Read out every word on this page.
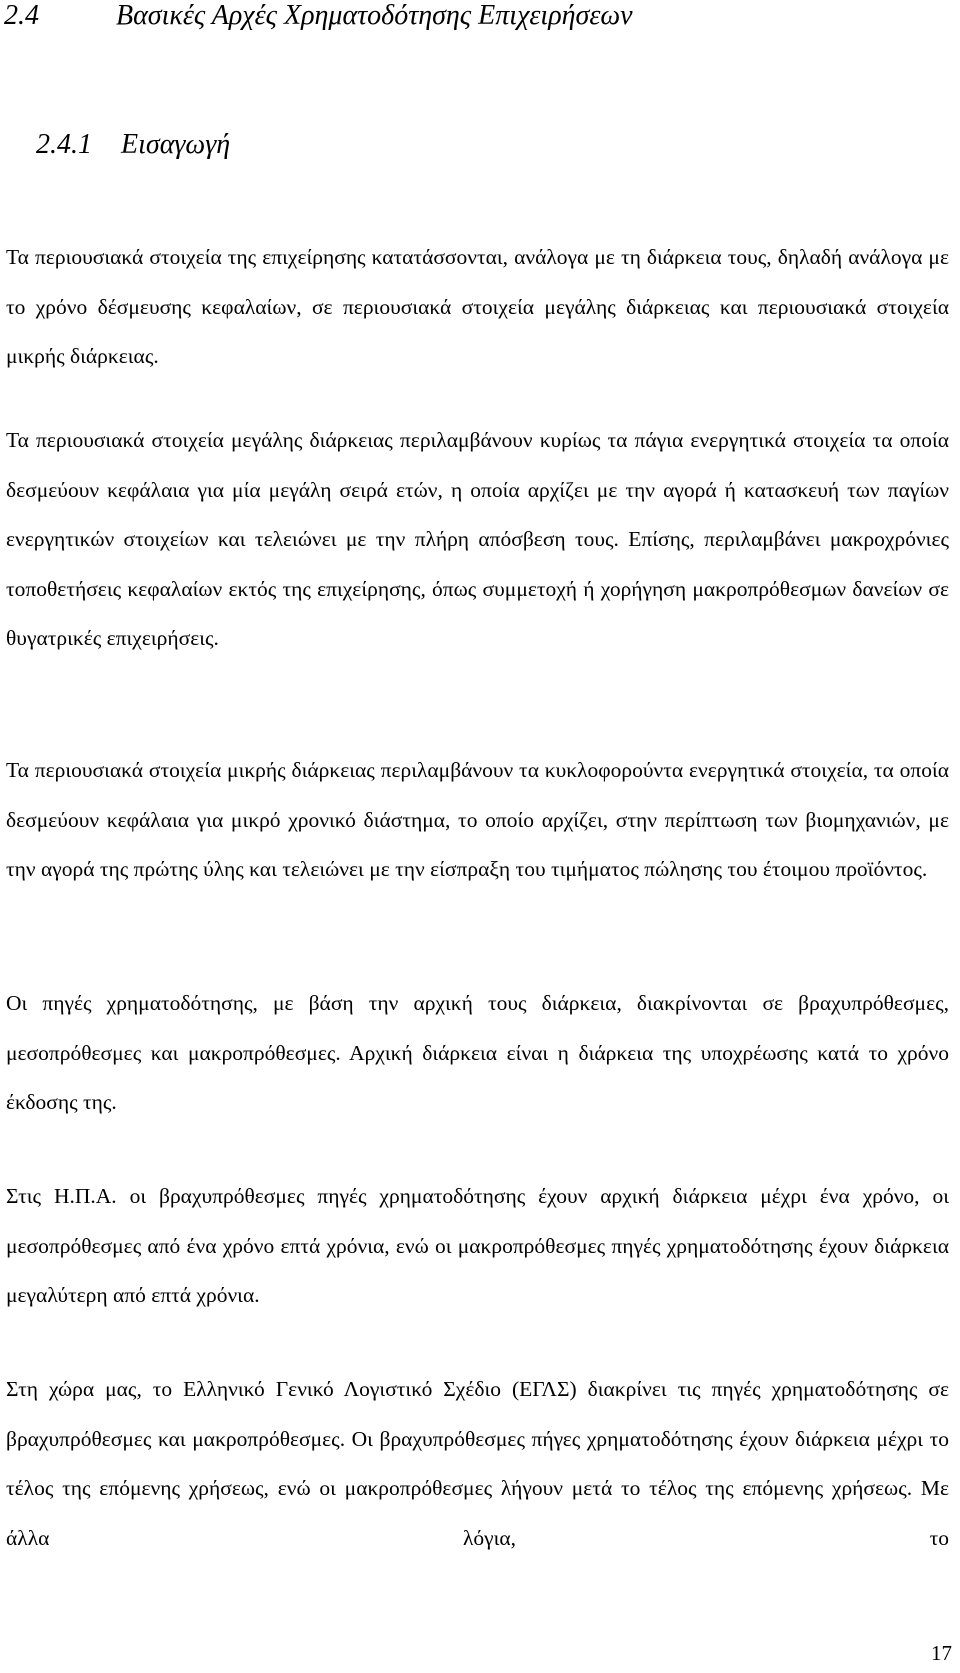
2.4	Βασικές Αρχές Χρηματοδότησης Επιχειρήσεων
2.4.1 Εισαγωγή

Τα περιουσιακά στοιχεία της επιχείρησης κατατάσσονται, ανάλογα με τη διάρκεια τους, δηλαδή ανάλογα με το χρόνο δέσμευσης κεφαλαίων, σε περιουσιακά στοιχεία μεγάλης διάρκειας και περιουσιακά στοιχεία μικρής διάρκειας.

Τα περιουσιακά στοιχεία μεγάλης διάρκειας περιλαμβάνουν κυρίως τα πάγια ενεργητικά στοιχεία τα οποία δεσμεύουν κεφάλαια για μία μεγάλη σειρά ετών, η οποία αρχίζει με την αγορά ή κατασκευή των παγίων ενεργητικών στοιχείων και τελειώνει με την πλήρη απόσβεση τους. Επίσης, περιλαμβάνει μακροχρόνιες τοποθετήσεις κεφαλαίων εκτός της επιχείρησης, όπως συμμετοχή ή χορήγηση μακροπρόθεσμων δανείων σε θυγατρικές επιχειρήσεις.

Τα περιουσιακά στοιχεία μικρής διάρκειας περιλαμβάνουν τα κυκλοφορούντα ενεργητικά στοιχεία, τα οποία δεσμεύουν κεφάλαια για μικρό χρονικό διάστημα, το οποίο αρχίζει, στην περίπτωση των βιομηχανιών, με την αγορά της πρώτης ύλης και τελειώνει με την είσπραξη του τιμήματος πώλησης του έτοιμου προϊόντος.

Οι πηγές χρηματοδότησης, με βάση την αρχική τους διάρκεια, διακρίνονται σε βραχυπρόθεσμες, μεσοπρόθεσμες και μακροπρόθεσμες. Αρχική διάρκεια είναι η διάρκεια της υποχρέωσης κατά το χρόνο έκδοσης της.

Στις Η.Π.Α. οι βραχυπρόθεσμες πηγές χρηματοδότησης έχουν αρχική διάρκεια μέχρι ένα χρόνο, οι μεσοπρόθεσμες από ένα χρόνο επτά χρόνια, ενώ οι μακροπρόθεσμες πηγές χρηματοδότησης έχουν διάρκεια μεγαλύτερη από επτά χρόνια.

Στη χώρα μας, το Ελληνικό Γενικό Λογιστικό Σχέδιο (ΕΓΛΣ) διακρίνει τις πηγές χρηματοδότησης σε βραχυπρόθεσμες και μακροπρόθεσμες. Οι βραχυπρόθεσμες πήγες χρηματοδότησης έχουν διάρκεια μέχρι το τέλος της επόμενης χρήσεως, ενώ οι μακροπρόθεσμες λήγουν μετά το τέλος της επόμενης χρήσεως. Με άλλα λόγια, το

17
